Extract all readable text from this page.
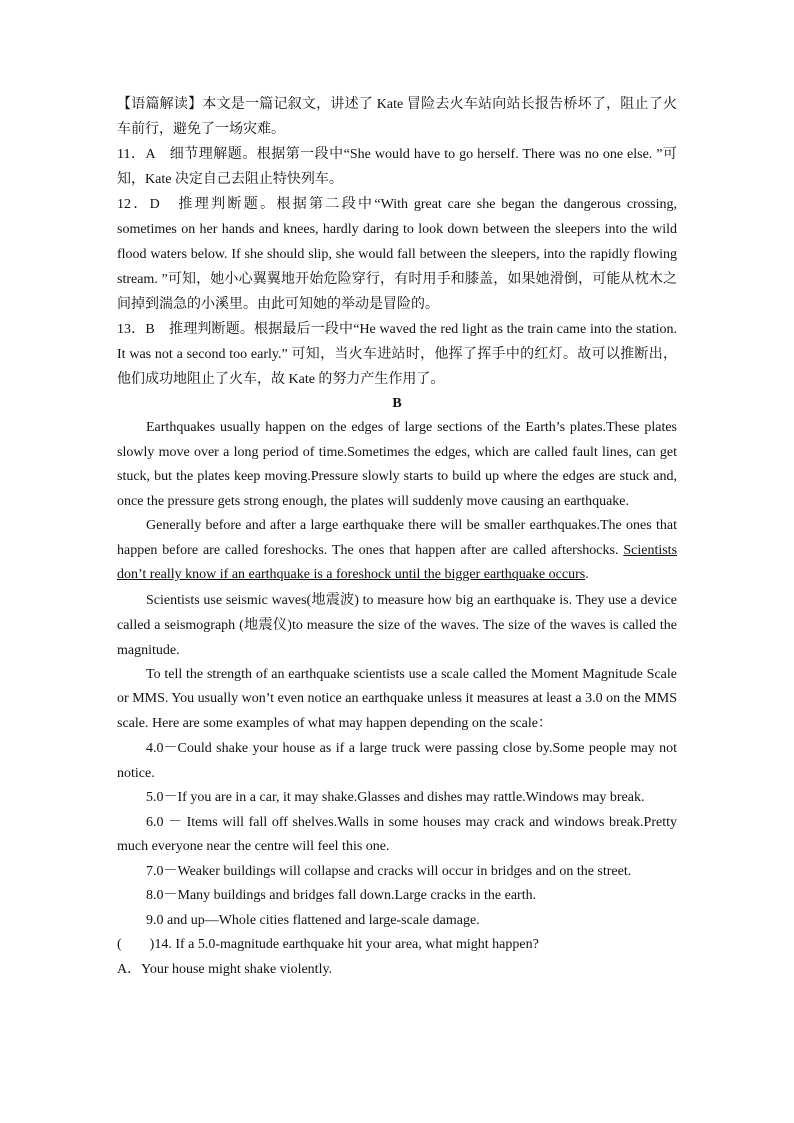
【语篇解读】本文是一篇记叙文，讲述了 Kate 冒险去火车站向站长报告桥坏了，阻止了火车前行，避免了一场灾难。

11．A　细节理解题。根据第一段中“She would have to go herself. There was no one else. ”可知，Kate 决定自己去阻止特快列车。

12．D　推理判断题。根据第二段中“With great care she began the dangerous crossing, sometimes on her hands and knees, hardly daring to look down between the sleepers into the wild flood waters below. If she should slip, she would fall between the sleepers, into the rapidly flowing stream. ”可知，她小心翼翼地开始危险穿行，有时用手和膝盖，如果她滑倒，可能从枕木之间掉到湍急的小溪里。由此可知她的举动是冒险的。

13．B　推理判断题。根据最后一段中“He waved the red light as the train came into the station. It was not a second too early.” 可知，当火车进站时，他挥了挥手中的红灯。故可以推断出，他们成功地阻止了火车，故 Kate 的努力产生作用了。

B

Earthquakes usually happen on the edges of large sections of the Earth’s plates.These plates slowly move over a long period of time.Sometimes the edges, which are called fault lines, can get stuck, but the plates keep moving.Pressure slowly starts to build up where the edges are stuck and, once the pressure gets strong enough, the plates will suddenly move causing an earthquake.

Generally before and after a large earthquake there will be smaller earthquakes.The ones that happen before are called foreshocks. The ones that happen after are called aftershocks. Scientists don’t really know if an earthquake is a foreshock until the bigger earthquake occurs.

Scientists use seismic waves(地震波) to measure how big an earthquake is. They use a device called a seismograph (地震仪)to measure the size of the waves. The size of the waves is called the magnitude.

To tell the strength of an earthquake scientists use a scale called the Moment Magnitude Scale or MMS. You usually won’t even notice an earthquake unless it measures at least a 3.0 on the MMS scale. Here are some examples of what may happen depending on the scale：

4.0－Could shake your house as if a large truck were passing close by.Some people may not notice.

5.0－If you are in a car, it may shake.Glasses and dishes may rattle.Windows may break.

6.0 － Items will fall off shelves.Walls in some houses may crack and windows break.Pretty much everyone near the centre will feel this one.

7.0－Weaker buildings will collapse and cracks will occur in bridges and on the street.

8.0－Many buildings and bridges fall down.Large cracks in the earth.

9.0 and up—Whole cities flattened and large-scale damage.

(　　)14. If a 5.0-magnitude earthquake hit your area, what might happen?

A．Your house might shake violently.
